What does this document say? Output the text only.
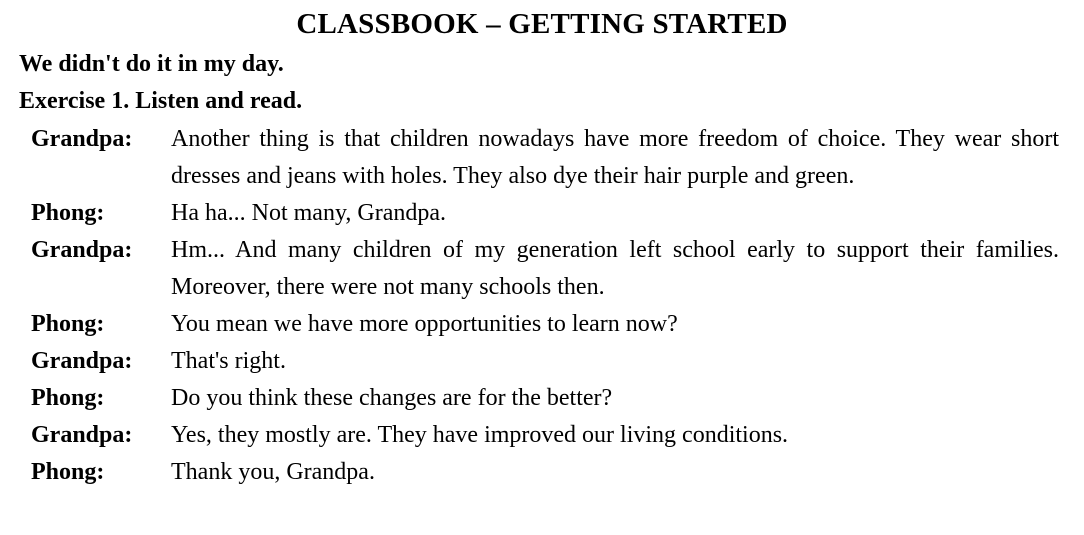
CLASSBOOK – GETTING STARTED
We didn't do it in my day.
Exercise 1. Listen and read.
Grandpa:	Another thing is that children nowadays have more freedom of choice. They wear short dresses and jeans with holes. They also dye their hair purple and green.
Phong:	Ha ha... Not many, Grandpa.
Grandpa:	Hm... And many children of my generation left school early to support their families. Moreover, there were not many schools then.
Phong:	You mean we have more opportunities to learn now?
Grandpa:	That's right.
Phong:	Do you think these changes are for the better?
Grandpa:	Yes, they mostly are. They have improved our living conditions.
Phong:	Thank you, Grandpa.
